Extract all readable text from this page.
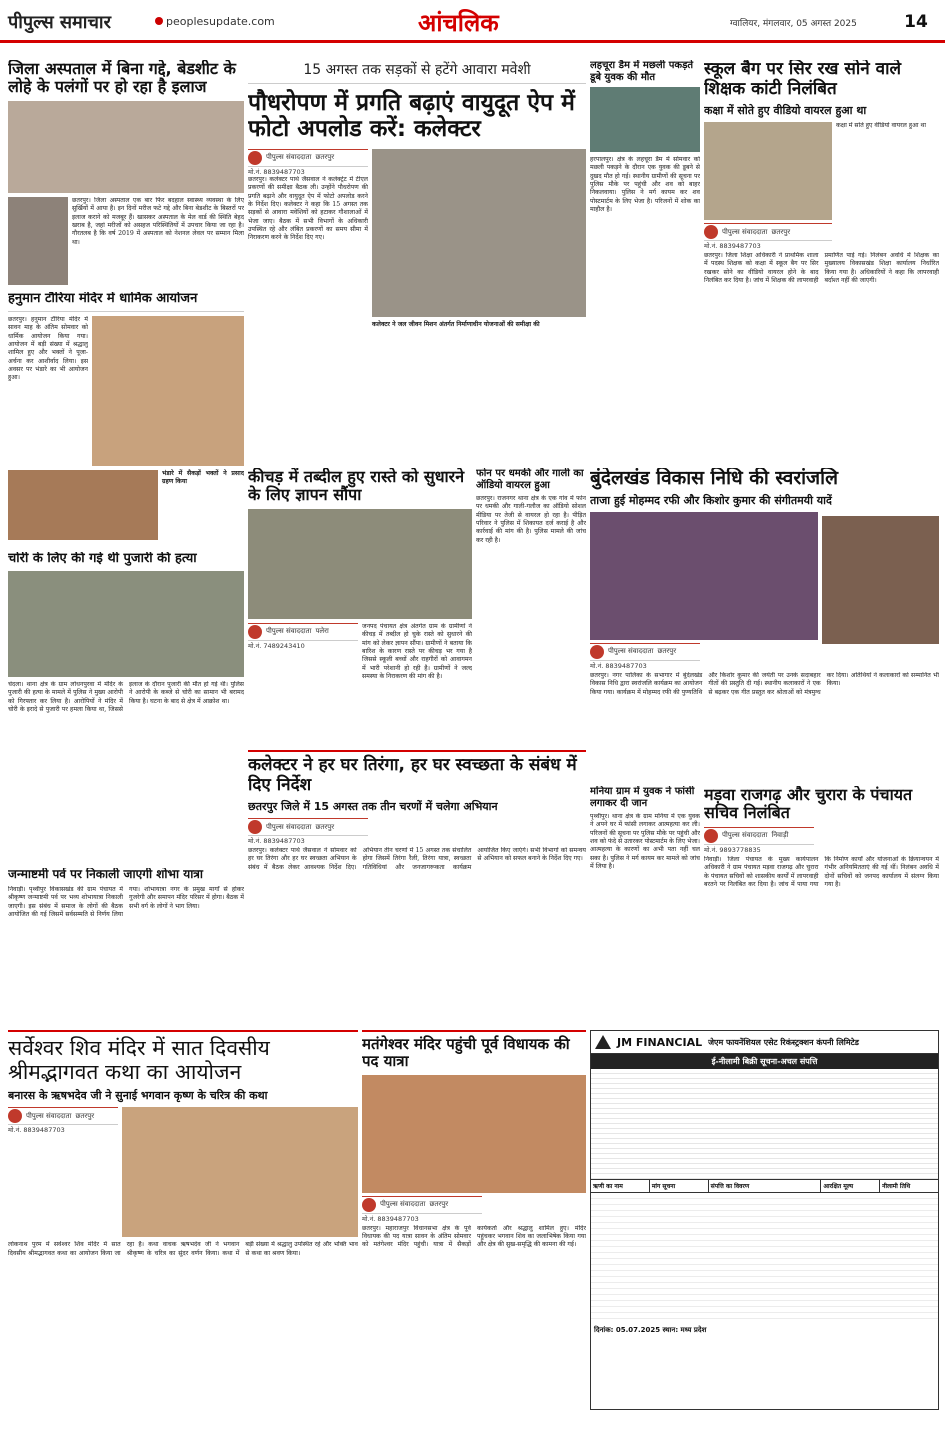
पीपुल्स समाचार	peoplesupdate.com	आंचलिक	ग्वालियर, मंगलवार, 05 अगस्त 2025	14
जिला अस्पताल में बिना गद्दे, बेडशीट के लोहे के पलंगों पर हो रहा है इलाज
छतरपुर। जिला अस्पताल एक बार फिर बदहाल स्वास्थ्य व्यवस्था के लिए सुर्खियों में आया है। इन दिनों मरीज फटे गद्दे और बिना बेडशीट के बिस्तरों पर इलाज कराने को मजबूर हैं। खासकर अस्पताल के मेल वार्ड की स्थिति बेहद खराब है, जहां मरीजों को असहज परिस्थितियों में उपचार किया जा रहा है। गौरतलब है कि वर्ष 2019 में अस्पताल को नेशनल लेवल पर सम्मान मिला था।
हनुमान टौरिया मंदिर में धार्मिक आयोजन
छतरपुर। हनुमान टौरिया मंदिर में सावन माह के अंतिम सोमवार को धार्मिक आयोजन किया गया। आयोजन में बड़ी संख्या में श्रद्धालु शामिल हुए और भक्तों ने पूजा-अर्चना कर आशीर्वाद लिया। इस अवसर पर भंडारे का भी आयोजन हुआ।
भंडारे में सैकड़ों भक्तों ने प्रसाद ग्रहण किया
चोरी के लिए की गई थी पुजारी की हत्या
चंदला। थाना क्षेत्र के ग्राम लोधनपुरवा में मंदिर के पुजारी की हत्या के मामले में पुलिस ने मुख्य आरोपी को गिरफ्तार कर लिया है। आरोपियों ने मंदिर में चोरी के इरादे से पुजारी पर हमला किया था, जिससे इलाज के दौरान पुजारी की मौत हो गई थी। पुलिस ने आरोपी के कब्जे से चोरी का सामान भी बरामद किया है। घटना के बाद से क्षेत्र में आक्रोश था।
जन्माष्टमी पर्व पर निकाली जाएगी शोभा यात्रा
निवाड़ी। पृथ्वीपुर विकासखंड की ग्राम पंचायत में श्रीकृष्ण जन्माष्टमी पर्व पर भव्य शोभायात्रा निकाली जाएगी। इस संबंध में समाज के लोगों की बैठक आयोजित की गई जिसमें सर्वसम्मति से निर्णय लिया गया। शोभायात्रा नगर के प्रमुख मार्गों से होकर गुजरेगी और समापन मंदिर परिसर में होगा। बैठक में सभी वर्ग के लोगों ने भाग लिया।
15 अगस्त तक सड़कों से हटेंगे आवारा मवेशी
पौधरोपण में प्रगति बढ़ाएं वायुदूत ऐप में फोटो अपलोड करें: कलेक्टर
पीपुल्स संवाददाता छतरपुर
मो.नं. 8839487703
छतरपुर। कलेक्टर पार्थ जैसवाल ने कलेक्ट्रेट में टीएल प्रकरणों की समीक्षा बैठक ली। उन्होंने पौधरोपण की प्रगति बढ़ाने और वायुदूत ऐप में फोटो अपलोड करने के निर्देश दिए। कलेक्टर ने कहा कि 15 अगस्त तक सड़कों से आवारा मवेशियों को हटाकर गौशालाओं में भेजा जाए। बैठक में सभी विभागों के अधिकारी उपस्थित रहे और लंबित प्रकरणों का समय सीमा में निराकरण करने के निर्देश दिए गए।
कलेक्टर ने जल जीवन मिशन अंतर्गत निर्माणाधीन योजनाओं की समीक्षा की
लहचूरा डैम में मछली पकड़ते डूबे युवक की मौत
हरपालपुर। क्षेत्र के लहचूरा डैम में सोमवार को मछली पकड़ने के दौरान एक युवक की डूबने से दुखद मौत हो गई। स्थानीय ग्रामीणों की सूचना पर पुलिस मौके पर पहुंची और शव को बाहर निकलवाया। पुलिस ने मर्ग कायम कर शव पोस्टमार्टम के लिए भेजा है। परिजनों में शोक का माहौल है।
स्कूल बैग पर सिर रख सोने वाले शिक्षक कांटी निलंबित
कक्षा में सोते हुए वीडियो वायरल हुआ था
कक्षा में सोते हुए वीडियो वायरल हुआ था
पीपुल्स संवाददाता छतरपुर
मो.नं. 8839487703
छतरपुर। जिला शिक्षा अधिकारी ने प्राथमिक शाला में पदस्थ शिक्षक को कक्षा में स्कूल बैग पर सिर रखकर सोने का वीडियो वायरल होने के बाद निलंबित कर दिया है। जांच में शिक्षक की लापरवाही प्रमाणित पाई गई। निलंबन अवधि में शिक्षक का मुख्यालय विकासखंड शिक्षा कार्यालय निर्धारित किया गया है। अधिकारियों ने कहा कि लापरवाही बर्दाश्त नहीं की जाएगी।
कीचड़ में तब्दील हुए रास्ते को सुधारने के लिए ज्ञापन सौंपा
पीपुल्स संवाददाता पलेरा
मो.नं. 7489243410
जनपद पंचायत क्षेत्र अंतर्गत ग्राम के ग्रामीणों ने कीचड़ में तब्दील हो चुके रास्ते को सुधारने की मांग को लेकर ज्ञापन सौंपा। ग्रामीणों ने बताया कि बारिश के कारण रास्ते पर कीचड़ भर गया है जिससे स्कूली बच्चों और राहगीरों को आवागमन में भारी परेशानी हो रही है। ग्रामीणों ने जल्द समस्या के निराकरण की मांग की है।
फोन पर धमकी और गाली का ऑडियो वायरल हुआ
छतरपुर। राजनगर थाना क्षेत्र के एक गांव में फोन पर धमकी और गाली-गलौज का ऑडियो सोशल मीडिया पर तेजी से वायरल हो रहा है। पीड़ित परिवार ने पुलिस में शिकायत दर्ज कराई है और कार्रवाई की मांग की है। पुलिस मामले की जांच कर रही है।
बुंदेलखंड विकास निधि की स्वरांजलि
ताजा हुई मोहम्मद रफी और किशोर कुमार की संगीतमयी यादें
पीपुल्स संवाददाता छतरपुर
मो.नं. 8839487703
छतरपुर। नगर पालिका के सभागार में बुंदेलखंड विकास निधि द्वारा स्वरांजलि कार्यक्रम का आयोजन किया गया। कार्यक्रम में मोहम्मद रफी की पुण्यतिथि और किशोर कुमार की जयंती पर उनके सदाबहार गीतों की प्रस्तुति दी गई। स्थानीय कलाकारों ने एक से बढ़कर एक गीत प्रस्तुत कर श्रोताओं को मंत्रमुग्ध कर दिया। अतिथियों ने कलाकारों को सम्मानित भी किया।
कलेक्टर ने हर घर तिरंगा, हर घर स्वच्छता के संबंध में दिए निर्देश
छतरपुर जिले में 15 अगस्त तक तीन चरणों में चलेगा अभियान
पीपुल्स संवाददाता छतरपुर
मो.नं. 8839487703
छतरपुर। कलेक्टर पार्थ जैसवाल ने सोमवार को हर घर तिरंगा और हर घर स्वच्छता अभियान के संबंध में बैठक लेकर आवश्यक निर्देश दिए। अभियान तीन चरणों में 15 अगस्त तक संचालित होगा जिसमें तिरंगा रैली, तिरंगा यात्रा, स्वच्छता गतिविधियां और जनजागरूकता कार्यक्रम आयोजित किए जाएंगे। सभी विभागों को समन्वय से अभियान को सफल बनाने के निर्देश दिए गए।
मनिया ग्राम में युवक ने फांसी लगाकर दी जान
पृथ्वीपुर। थाना क्षेत्र के ग्राम मनिया में एक युवक ने अपने घर में फांसी लगाकर आत्महत्या कर ली। परिजनों की सूचना पर पुलिस मौके पर पहुंची और शव को फंदे से उतारकर पोस्टमार्टम के लिए भेजा। आत्महत्या के कारणों का अभी पता नहीं चल सका है। पुलिस ने मर्ग कायम कर मामले को जांच में लिया है।
मड़वा राजगढ़ और चुरारा के पंचायत सचिव निलंबित
पीपुल्स संवाददाता निवाड़ी
मो.नं. 9893778835
निवाड़ी। जिला पंचायत के मुख्य कार्यपालन अधिकारी ने ग्राम पंचायत मड़वा राजगढ़ और चुरारा के पंचायत सचिवों को शासकीय कार्यों में लापरवाही बरतने पर निलंबित कर दिया है। जांच में पाया गया कि निर्माण कार्यों और योजनाओं के क्रियान्वयन में गंभीर अनियमितताएं की गई थीं। निलंबन अवधि में दोनों सचिवों को जनपद कार्यालय में संलग्न किया गया है।
सर्वेश्वर शिव मंदिर में सात दिवसीय श्रीमद्भागवत कथा का आयोजन
बनारस के ऋषभदेव जी ने सुनाई भगवान कृष्ण के चरित्र की कथा
पीपुल्स संवाददाता छतरपुर
मो.नं. 8839487703
लोकनाथ पुरम में सर्वेश्वर शिव मंदिर में सात दिवसीय श्रीमद्भागवत कथा का आयोजन किया जा रहा है। कथा वाचक ऋषभदेव जी ने भगवान श्रीकृष्ण के चरित्र का सुंदर वर्णन किया। कथा में बड़ी संख्या में श्रद्धालु उपस्थित रहे और भक्ति भाव से कथा का श्रवण किया।
मतंगेश्वर मंदिर पहुंची पूर्व विधायक की पद यात्रा
पीपुल्स संवाददाता छतरपुर
मो.नं. 8839487703
छतरपुर। महाराजपुर विधानसभा क्षेत्र के पूर्व विधायक की पद यात्रा सावन के अंतिम सोमवार को मतंगेश्वर मंदिर पहुंची। यात्रा में सैकड़ों कार्यकर्ता और श्रद्धालु शामिल हुए। मंदिर पहुंचकर भगवान शिव का जलाभिषेक किया गया और क्षेत्र की सुख-समृद्धि की कामना की गई।
JM FINANCIAL जेएम फायनेंशियल एसेट रिकंस्ट्रक्शन कंपनी लिमिटेड
ई-नीलामी बिक्री सूचना-अचल संपत्ति
ऋणी का नाम	मांग सूचना	संपत्ति का विवरण	आरक्षित मूल्य	नीलामी तिथि
दिनांक: 05.07.2025 स्थान: मध्य प्रदेश
